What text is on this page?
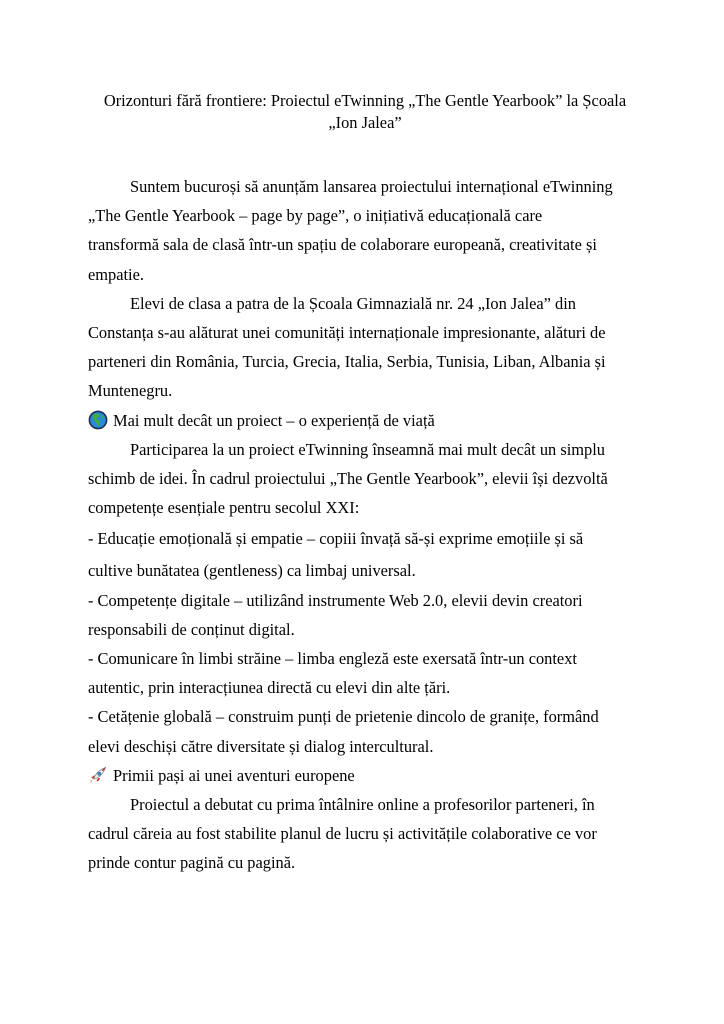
Orizonturi fără frontiere: Proiectul eTwinning „The Gentle Yearbook” la Școala
„Ion Jalea”
Suntem bucuroși să anunțăm lansarea proiectului internațional eTwinning
„The Gentle Yearbook – page by page”, o inițiativă educațională care
transformă sala de clasă într-un spațiu de colaborare europeană, creativitate și
empatie.
Elevi de clasa a patra de la Școala Gimnazială nr. 24 „Ion Jalea” din
Constanța s-au alăturat unei comunități internaționale impresionante, alături de
parteneri din România, Turcia, Grecia, Italia, Serbia, Tunisia, Liban, Albania și
Muntenegru.
Mai mult decât un proiect – o experiență de viață
Participarea la un proiect eTwinning înseamnă mai mult decât un simplu
schimb de idei. În cadrul proiectului „The Gentle Yearbook”, elevii își dezvoltă
competențe esențiale pentru secolul XXI:
- Educație emoțională și empatie – copiii învață să-și exprime emoțiile și să
cultive bunătatea (gentleness) ca limbaj universal.
- Competențe digitale – utilizând instrumente Web 2.0, elevii devin creatori
responsabili de conținut digital.
- Comunicare în limbi străine – limba engleză este exersată într-un context
autentic, prin interacțiunea directă cu elevi din alte țări.
- Cetățenie globală – construim punți de prietenie dincolo de granițe, formând
elevi deschiși către diversitate și dialog intercultural.
Primii pași ai unei aventuri europene
Proiectul a debutat cu prima întâlnire online a profesorilor parteneri, în
cadrul căreia au fost stabilite planul de lucru și activitățile colaborative ce vor
prinde contur pagină cu pagină.
